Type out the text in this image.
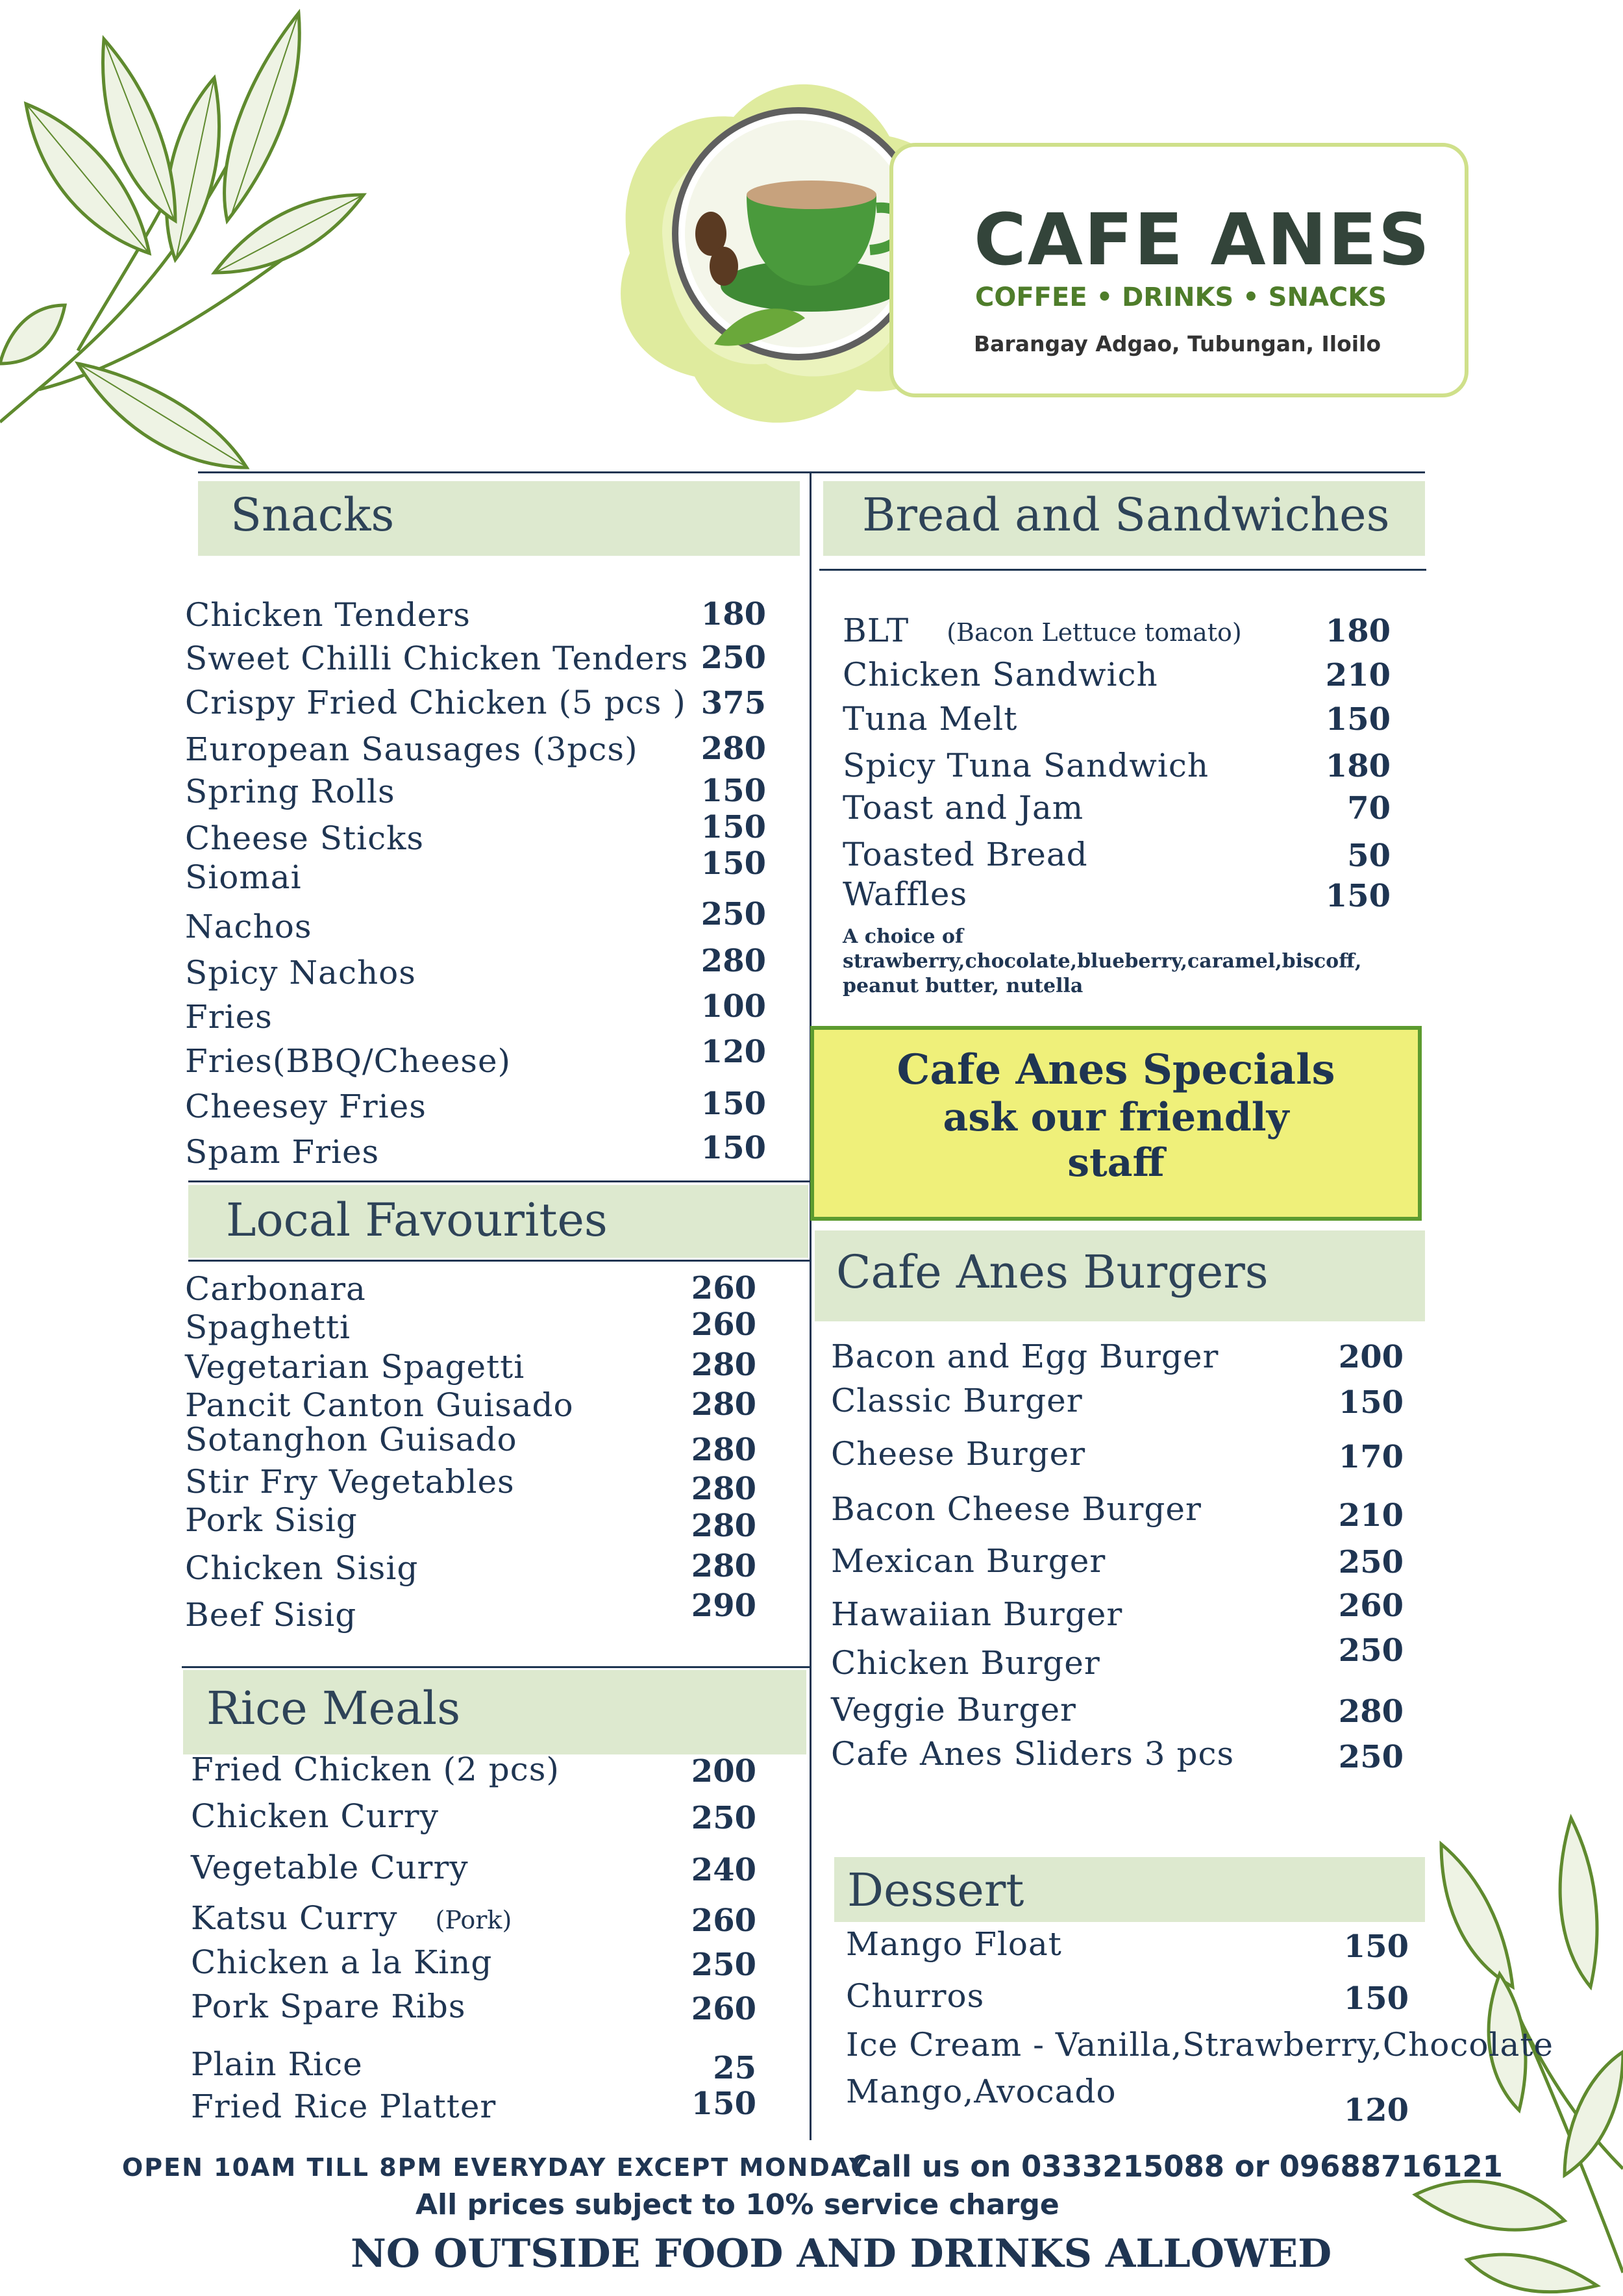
CAFE ANES
COFFEE • DRINKS • SNACKS
Barangay Adgao, Tubungan, Iloilo
Snacks
Chicken Tenders	180
Sweet Chilli Chicken Tenders 250
Crispy Fried Chicken (5 pcs ) 375
European Sausages (3pcs)	280
Spring Rolls	150
Cheese Sticks	150
Siomai	150
Nachos	250
Spicy Nachos	280
Fries	100
Fries(BBQ/Cheese)	120
Cheesey Fries	150
Spam Fries	150
Local Favourites
Carbonara	260
Spaghetti	260
Vegetarian Spagetti	280
Pancit Canton Guisado	280
Sotanghon Guisado	280
Stir Fry Vegetables	280
Pork Sisig	280
Chicken Sisig	280
Beef Sisig	290
Rice Meals
Fried Chicken (2 pcs)	200
Chicken Curry	250
Vegetable Curry	240
Katsu Curry (Pork)	260
Chicken a la King	250
Pork Spare Ribs	260
Plain Rice	25
Fried Rice Platter	150
Bread and Sandwiches
BLT (Bacon Lettuce tomato)	180
Chicken Sandwich	210
Tuna Melt	150
Spicy Tuna Sandwich	180
Toast and Jam	70
Toasted Bread	50
Waffles	150
A choice of
strawberry,chocolate,blueberry,caramel,biscoff,
peanut butter, nutella
Cafe Anes Specials
ask our friendly
staff
Cafe Anes Burgers
Bacon and Egg Burger	200
Classic Burger	150
Cheese Burger	170
Bacon Cheese Burger	210
Mexican Burger	250
Hawaiian Burger	260
Chicken Burger	250
Veggie Burger	280
Cafe Anes Sliders 3 pcs	250
Dessert
Mango Float	150
Churros	150
Ice Cream - Vanilla,Strawberry,Chocolate
Mango,Avocado	120
OPEN 10AM TILL 8PM EVERYDAY EXCEPT MONDAY
Call us on 0333215088 or 09688716121
All prices subject to 10% service charge
NO OUTSIDE FOOD AND DRINKS ALLOWED
